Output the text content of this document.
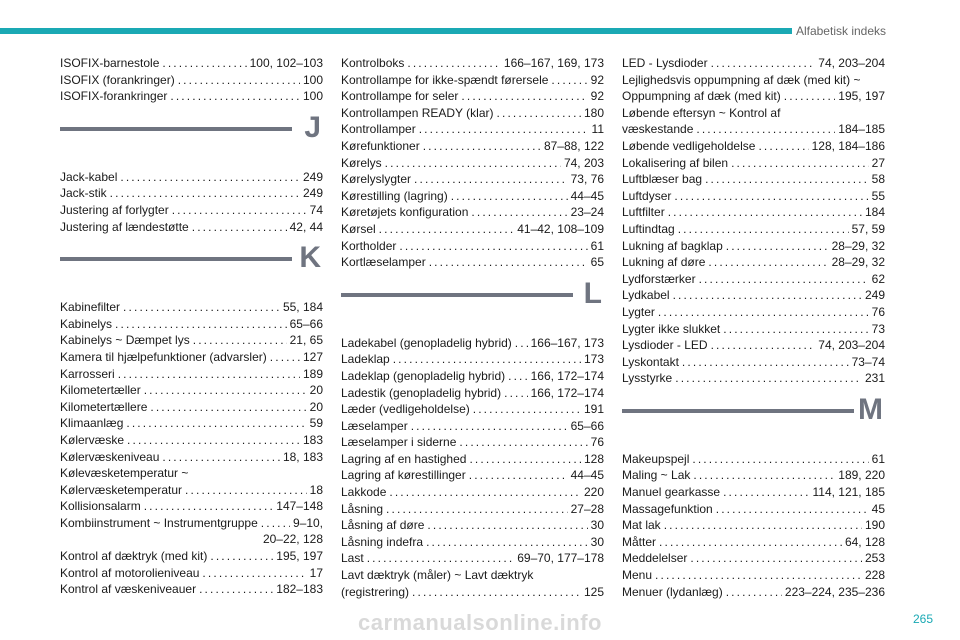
Alfabetisk indeks
ISOFIX-barnestole . . .	100, 102–103
ISOFIX (forankringer) . . .	100
ISOFIX-forankringer . . .	100
J
Jack-kabel . . .	249
Jack-stik . . .	249
Justering af forlygter . . .	74
Justering af lændestøtte . . .	42, 44
K
Kabinefilter . . .	55, 184
Kabinelys . . .	65–66
Kabinelys ~ Dæmpet lys . . .	21, 65
Kamera til hjælpefunktioner (advarsler) . . .	127
Karrosseri . . .	189
Kilometertæller . . .	20
Kilometertællere . . .	20
Klimaanlæg . . .	59
Kølervæske . . .	183
Kølervæskeniveau . . .	18, 183
Kølevæsketemperatur ~
Kølervæsketemperatur . . .	18
Kollisionsalarm . . .	147–148
Kombiinstrument ~ Instrumentgruppe . . .	9–10,
20–22, 128
Kontrol af dæktryk (med kit) . . .	195, 197
Kontrol af motorolieniveau . . .	17
Kontrol af væskeniveauer . . .	182–183
Kontrolboks . . .	166–167, 169, 173
Kontrollampe for ikke-spændt førersele . . .	92
Kontrollampe for seler . . .	92
Kontrollampen READY (klar) . . .	180
Kontrollamper . . .	11
Kørefunktioner . . .	87–88, 122
Kørelys . . .	74, 203
Kørelyslygter . . .	73, 76
Kørestilling (lagring) . . .	44–45
Køretøjets konfiguration . . .	23–24
Kørsel . . .	41–42, 108–109
Kortholder . . .	61
Kortlæselamper . . .	65
L
Ladekabel (genopladelig hybrid) . . . 166–167, 173
Ladeklap . . .	173
Ladeklap (genopladelig hybrid) . . . 166, 172–174
Ladestik (genopladelig hybrid) . . . 166, 172–174
Læder (vedligeholdelse) . . .	191
Læselamper . . .	65–66
Læselamper i siderne . . .	76
Lagring af en hastighed . . .	128
Lagring af kørestillinger . . .	44–45
Lakkode . . .	220
Låsning . . .	27–28
Låsning af døre . . .	30
Låsning indefra . . .	30
Last . . .	69–70, 177–178
Lavt dæktryk (måler) ~ Lavt dæktryk
(registrering) . . .	125
LED - Lysdioder . . .	74, 203–204
Lejlighedsvis oppumpning af dæk (med kit) ~
Oppumpning af dæk (med kit) . . .	195, 197
Løbende eftersyn ~ Kontrol af
væskestande . . .	184–185
Løbende vedligeholdelse . . .	128, 184–186
Lokalisering af bilen . . .	27
Luftblæser bag . . .	58
Luftdyser . . .	55
Luftfilter . . .	184
Luftindtag . . .	57, 59
Lukning af bagklap . . .	28–29, 32
Lukning af døre . . .	28–29, 32
Lydforstærker . . .	62
Lydkabel . . .	249
Lygter . . .	76
Lygter ikke slukket . . .	73
Lysdioder - LED . . .	74, 203–204
Lyskontakt . . .	73–74
Lysstyrke . . .	231
M
Makeupspejl . . .	61
Maling ~ Lak . . .	189, 220
Manuel gearkasse . . .	114, 121, 185
Massagefunktion . . .	45
Mat lak . . .	190
Måtter . . .	64, 128
Meddelelser . . .	253
Menu . . .	228
Menuer (lydanlæg) . . .	223–224, 235–236
265
carmanualsonline.info
